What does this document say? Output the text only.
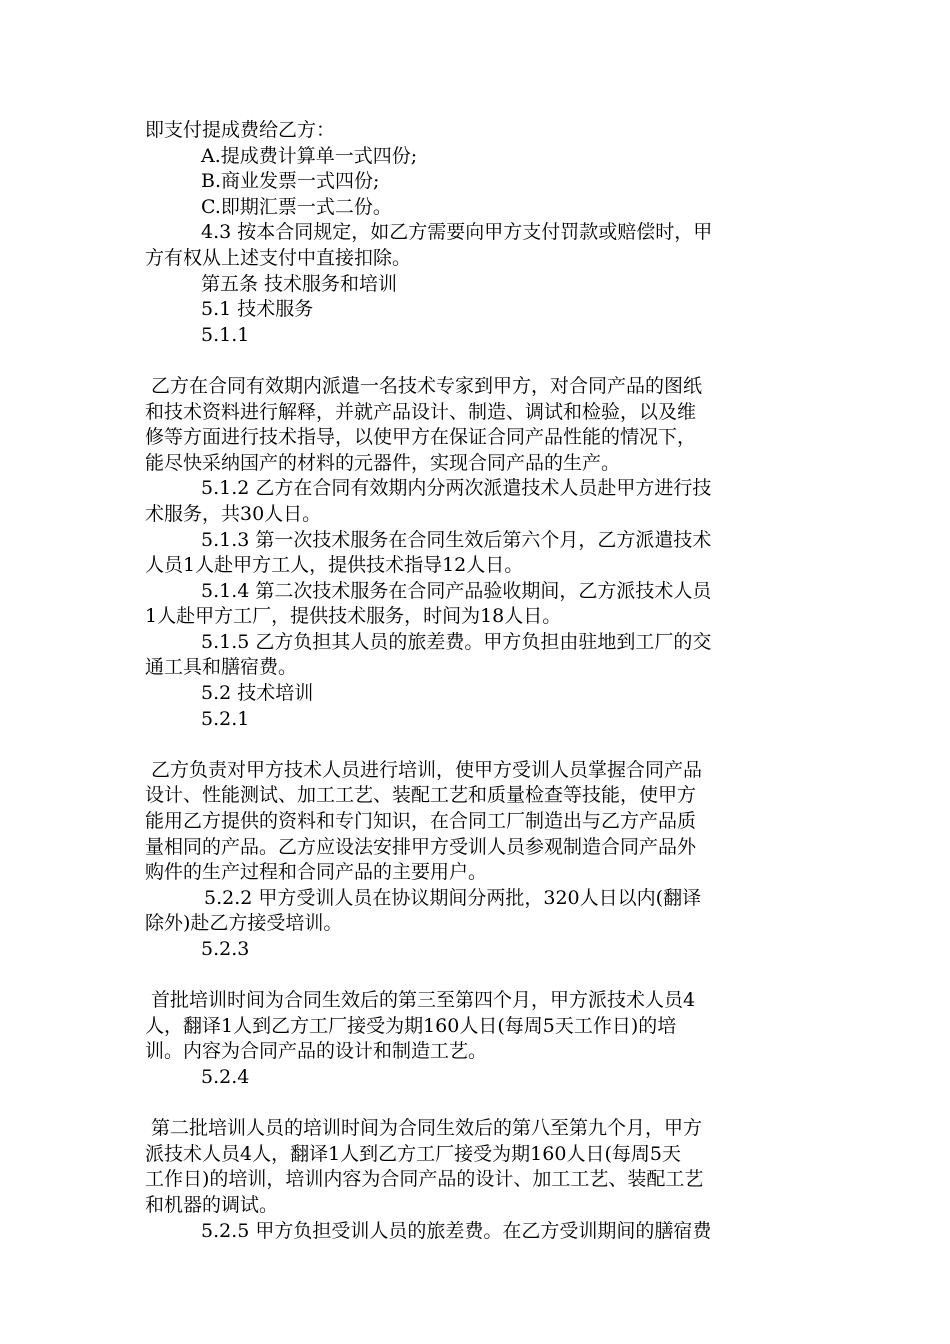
即支付提成费给乙方：
A.提成费计算单一式四份;
B.商业发票一式四份;
C.即期汇票一式二份。
4.3 按本合同规定，如乙方需要向甲方支付罚款或赔偿时，甲
方有权从上述支付中直接扣除。
第五条 技术服务和培训
5.1 技术服务
5.1.1
乙方在合同有效期内派遣一名技术专家到甲方，对合同产品的图纸
和技术资料进行解释，并就产品设计、制造、调试和检验，以及维
修等方面进行技术指导，以使甲方在保证合同产品性能的情况下，
能尽快采纳国产的材料的元器件，实现合同产品的生产。
5.1.2 乙方在合同有效期内分两次派遣技术人员赴甲方进行技
术服务，共30人日。
5.1.3 第一次技术服务在合同生效后第六个月，乙方派遣技术
人员1人赴甲方工人，提供技术指导12人日。
5.1.4 第二次技术服务在合同产品验收期间，乙方派技术人员
1人赴甲方工厂，提供技术服务，时间为18人日。
5.1.5 乙方负担其人员的旅差费。甲方负担由驻地到工厂的交
通工具和膳宿费。
5.2 技术培训
5.2.1
乙方负责对甲方技术人员进行培训，使甲方受训人员掌握合同产品
设计、性能测试、加工工艺、装配工艺和质量检查等技能，使甲方
能用乙方提供的资料和专门知识，在合同工厂制造出与乙方产品质
量相同的产品。乙方应设法安排甲方受训人员参观制造合同产品外
购件的生产过程和合同产品的主要用户。
5.2.2 甲方受训人员在协议期间分两批，320人日以内(翻译
除外)赴乙方接受培训。
5.2.3
首批培训时间为合同生效后的第三至第四个月，甲方派技术人员4
人，翻译1人到乙方工厂接受为期160人日(每周5天工作日)的培
训。内容为合同产品的设计和制造工艺。
5.2.4
第二批培训人员的培训时间为合同生效后的第八至第九个月，甲方
派技术人员4人，翻译1人到乙方工厂接受为期160人日(每周5天
工作日)的培训，培训内容为合同产品的设计、加工工艺、装配工艺
和机器的调试。
5.2.5 甲方负担受训人员的旅差费。在乙方受训期间的膳宿费
